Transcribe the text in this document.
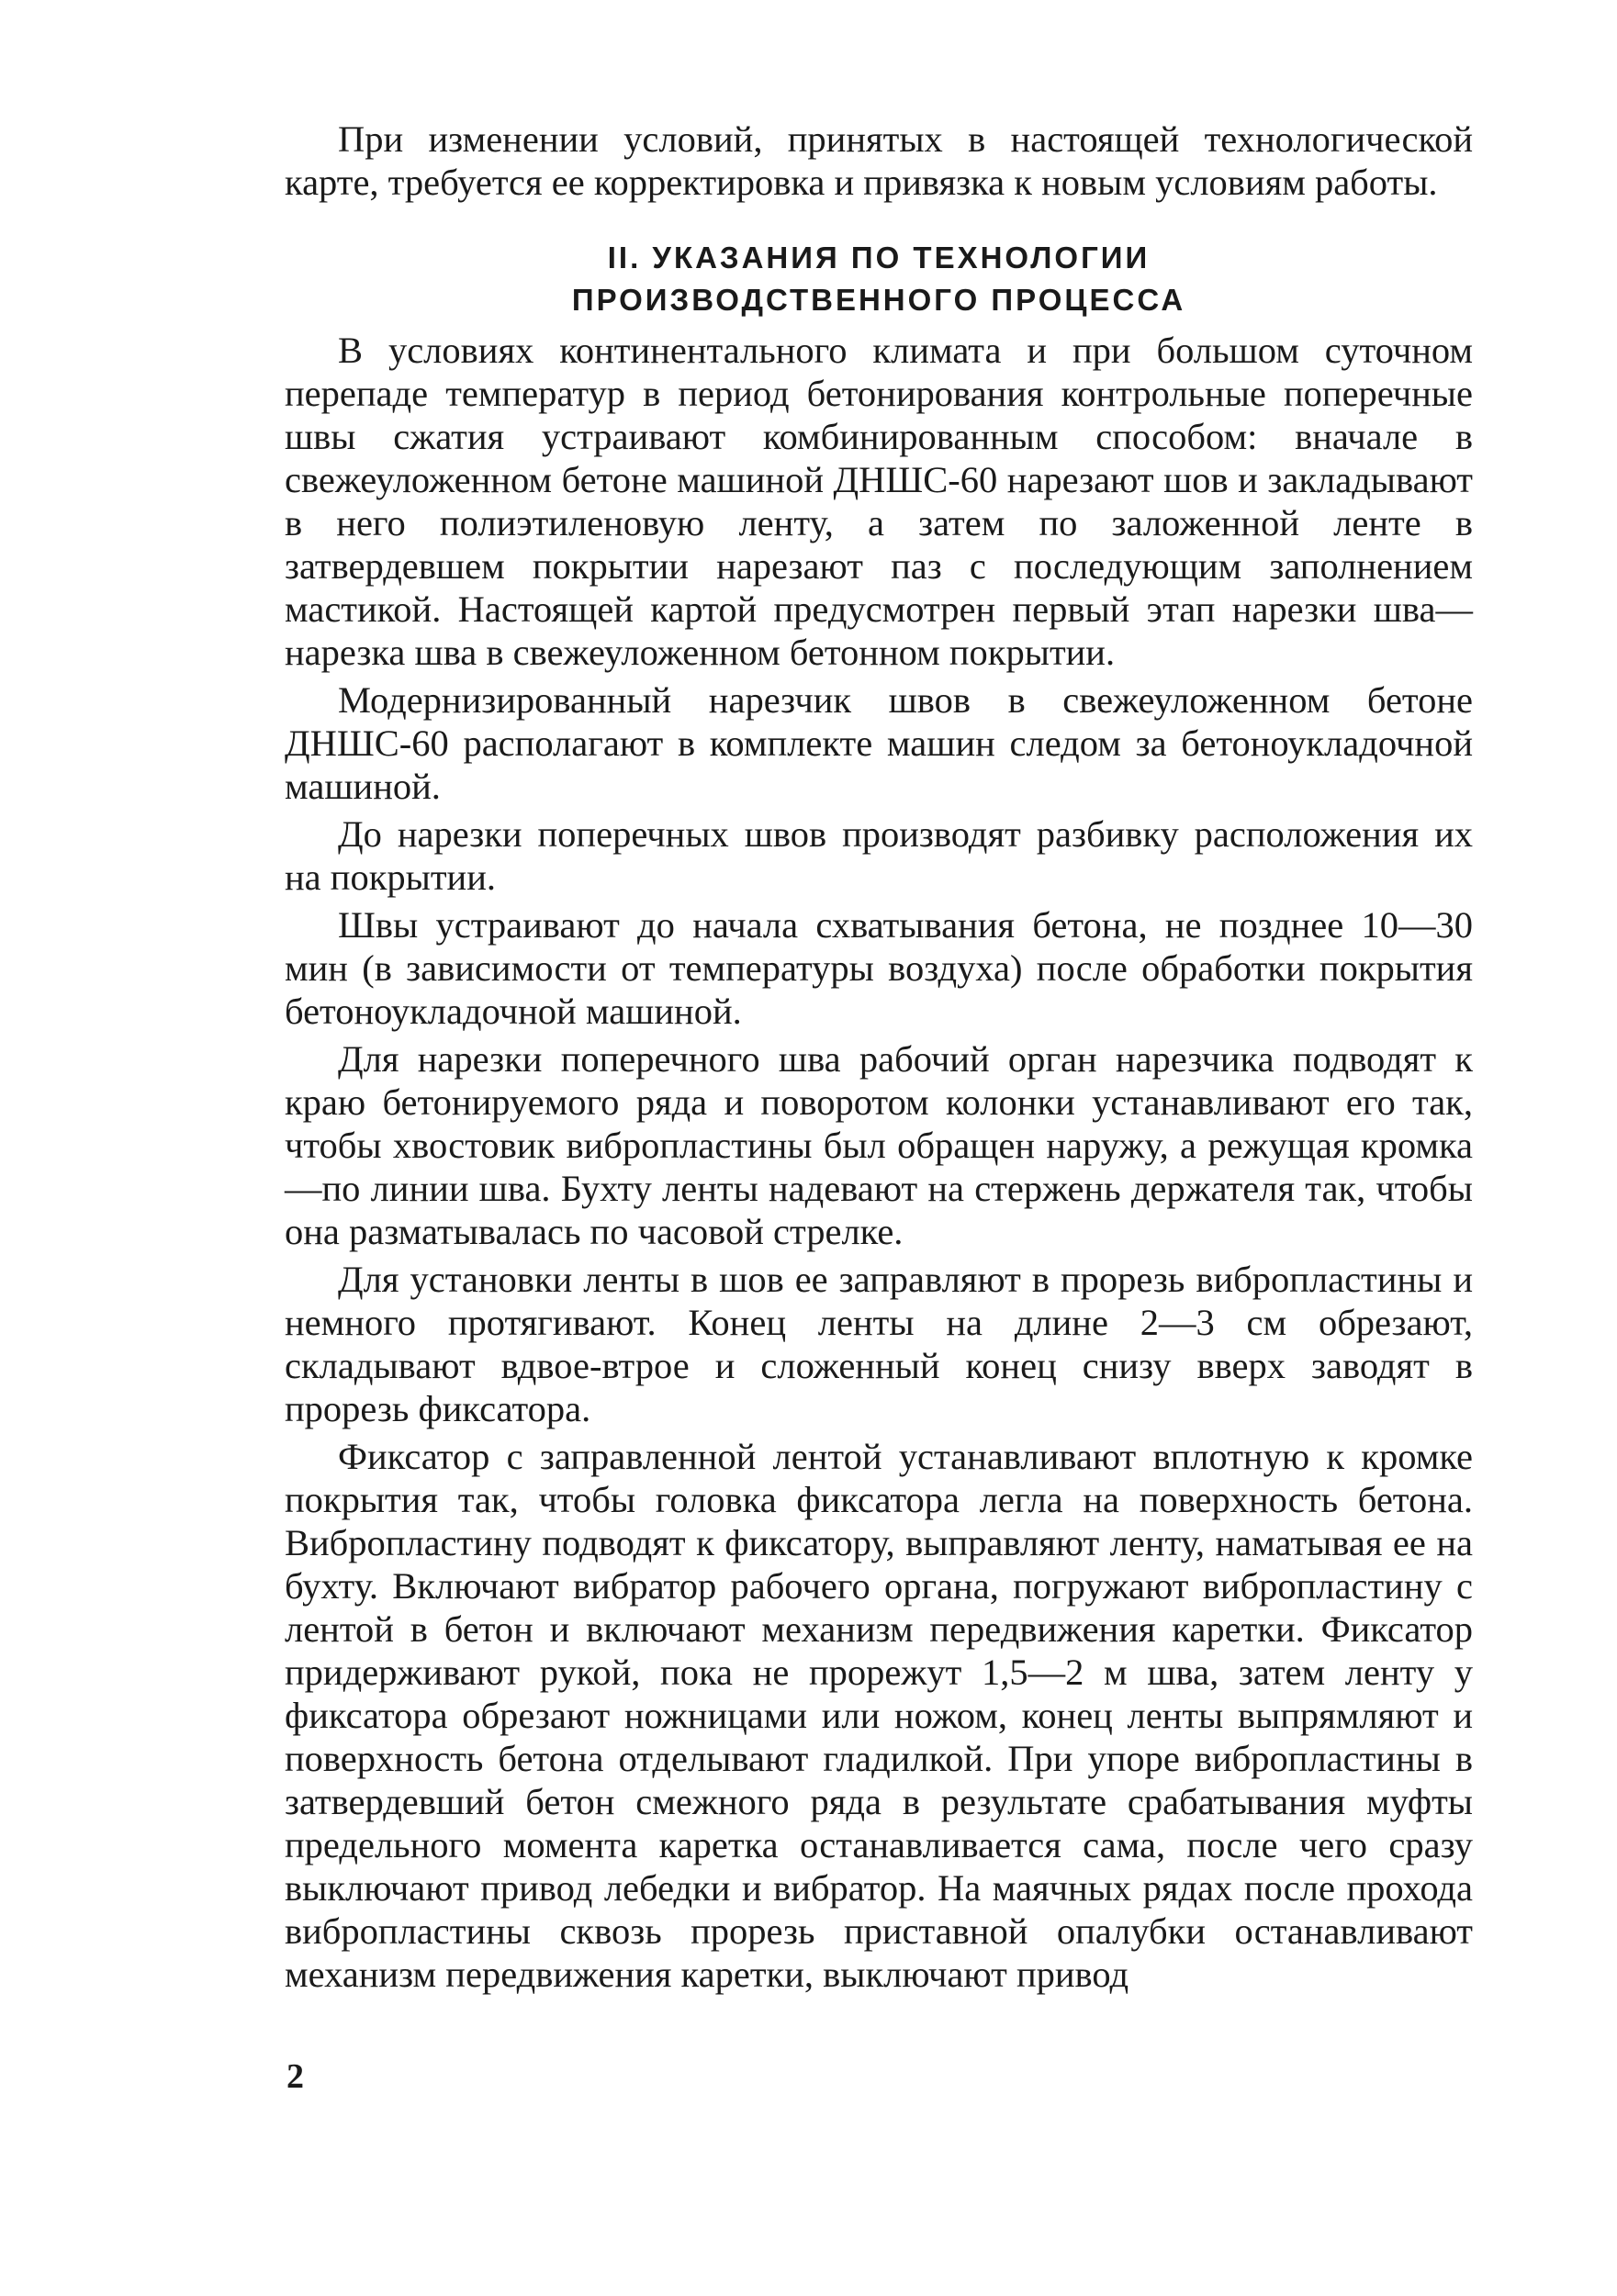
При изменении условий, принятых в настоящей технологической карте, требуется ее корректировка и привязка к новым условиям работы.

II. УКАЗАНИЯ ПО ТЕХНОЛОГИИ
ПРОИЗВОДСТВЕННОГО ПРОЦЕССА

В условиях континентального климата и при большом суточном перепаде температур в период бетонирования контрольные поперечные швы сжатия устраивают комбинированным способом: вначале в свежеуложенном бетоне машиной ДНШС-60 нарезают шов и закладывают в него полиэтиленовую ленту, а затем по заложенной ленте в затвердевшем покрытии нарезают паз с последующим заполнением мастикой. Настоящей картой предусмотрен первый этап нарезки шва—нарезка шва в свежеуложенном бетонном покрытии.

Модернизированный нарезчик швов в свежеуложенном бетоне ДНШС-60 располагают в комплекте машин следом за бетоноукладочной машиной.

До нарезки поперечных швов производят разбивку расположения их на покрытии.

Швы устраивают до начала схватывания бетона, не позднее 10—30 мин (в зависимости от температуры воздуха) после обработки покрытия бетоноукладочной машиной.

Для нарезки поперечного шва рабочий орган нарезчика подводят к краю бетонируемого ряда и поворотом колонки устанавливают его так, чтобы хвостовик вибропластины был обращен наружу, а режущая кромка—по линии шва. Бухту ленты надевают на стержень держателя так, чтобы она разматывалась по часовой стрелке.

Для установки ленты в шов ее заправляют в прорезь вибропластины и немного протягивают. Конец ленты на длине 2—3 см обрезают, складывают вдвое-втрое и сложенный конец снизу вверх заводят в прорезь фиксатора.

Фиксатор с заправленной лентой устанавливают вплотную к кромке покрытия так, чтобы головка фиксатора легла на поверхность бетона. Вибропластину подводят к фиксатору, выправляют ленту, наматывая ее на бухту. Включают вибратор рабочего органа, погружают вибропластину с лентой в бетон и включают механизм передвижения каретки. Фиксатор придерживают рукой, пока не прорежут 1,5—2 м шва, затем ленту у фиксатора обрезают ножницами или ножом, конец ленты выпрямляют и поверхность бетона отделывают гладилкой. При упоре вибропластины в затвердевший бетон смежного ряда в результате срабатывания муфты предельного момента каретка останавливается сама, после чего сразу выключают привод лебедки и вибратор. На маячных рядах после прохода вибропластины сквозь прорезь приставной опалубки останавливают механизм передвижения каретки, выключают привод

2
